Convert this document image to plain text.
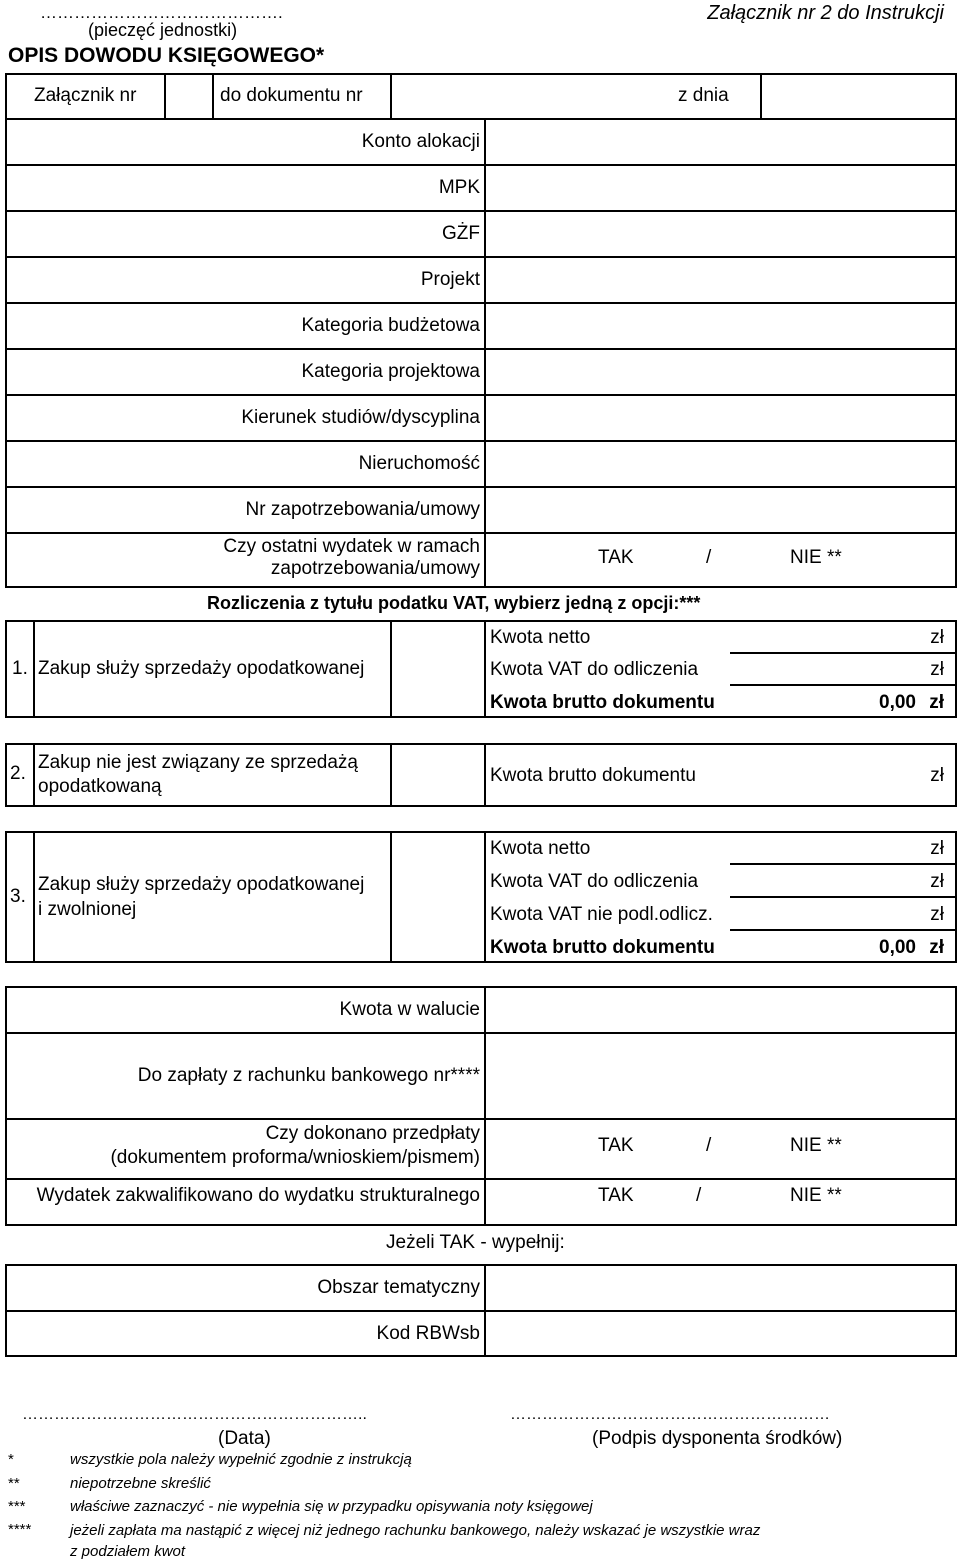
…………………………………….
(pieczęć jednostki)
OPIS DOWODU KSIĘGOWEGO*
Załącznik nr 2 do Instrukcji
Załącznik nr	do dokumentu nr	z dnia
Konto alokacji
MPK
GŻF
Projekt
Kategoria budżetowa
Kategoria projektowa
Kierunek studiów/dyscyplina
Nieruchomość
Nr zapotrzebowania/umowy
Czy ostatni wydatek w ramach
zapotrzebowania/umowy
TAK	/	NIE **
Rozliczenia z tytułu podatku VAT, wybierz jedną z opcji:***
1. Zakup służy sprzedaży opodatkowanej
Kwota netto	zł
Kwota VAT do odliczenia	zł
Kwota brutto dokumentu	0,00 zł
2.
Zakup nie jest związany ze sprzedażą
opodatkowaną
Kwota brutto dokumentu	zł
3.
Zakup służy sprzedaży opodatkowanej
i zwolnionej
Kwota netto	zł
Kwota VAT do odliczenia	zł
Kwota VAT nie podl.odlicz.	zł
Kwota brutto dokumentu	0,00 zł
Kwota w walucie
Do zapłaty z rachunku bankowego nr****
Czy dokonano przedpłaty
(dokumentem proforma/wnioskiem/pismem)
TAK	/	NIE **
Wydatek zakwalifikowano do wydatku strukturalnego	TAK	/	NIE **
Jeżeli TAK - wypełnij:
Obszar tematyczny
Kod RBWsb
………………………………………………………..
(Data)
……………………………………………………
(Podpis dysponenta środków)
*	wszystkie pola należy wypełnić zgodnie z instrukcją
**	niepotrzebne skreślić
***	właściwe zaznaczyć - nie wypełnia się w przypadku opisywania noty księgowej
****	jeżeli zapłata ma nastąpić z więcej niż jednego rachunku bankowego, należy wskazać je wszystkie wraz
z podziałem kwot
